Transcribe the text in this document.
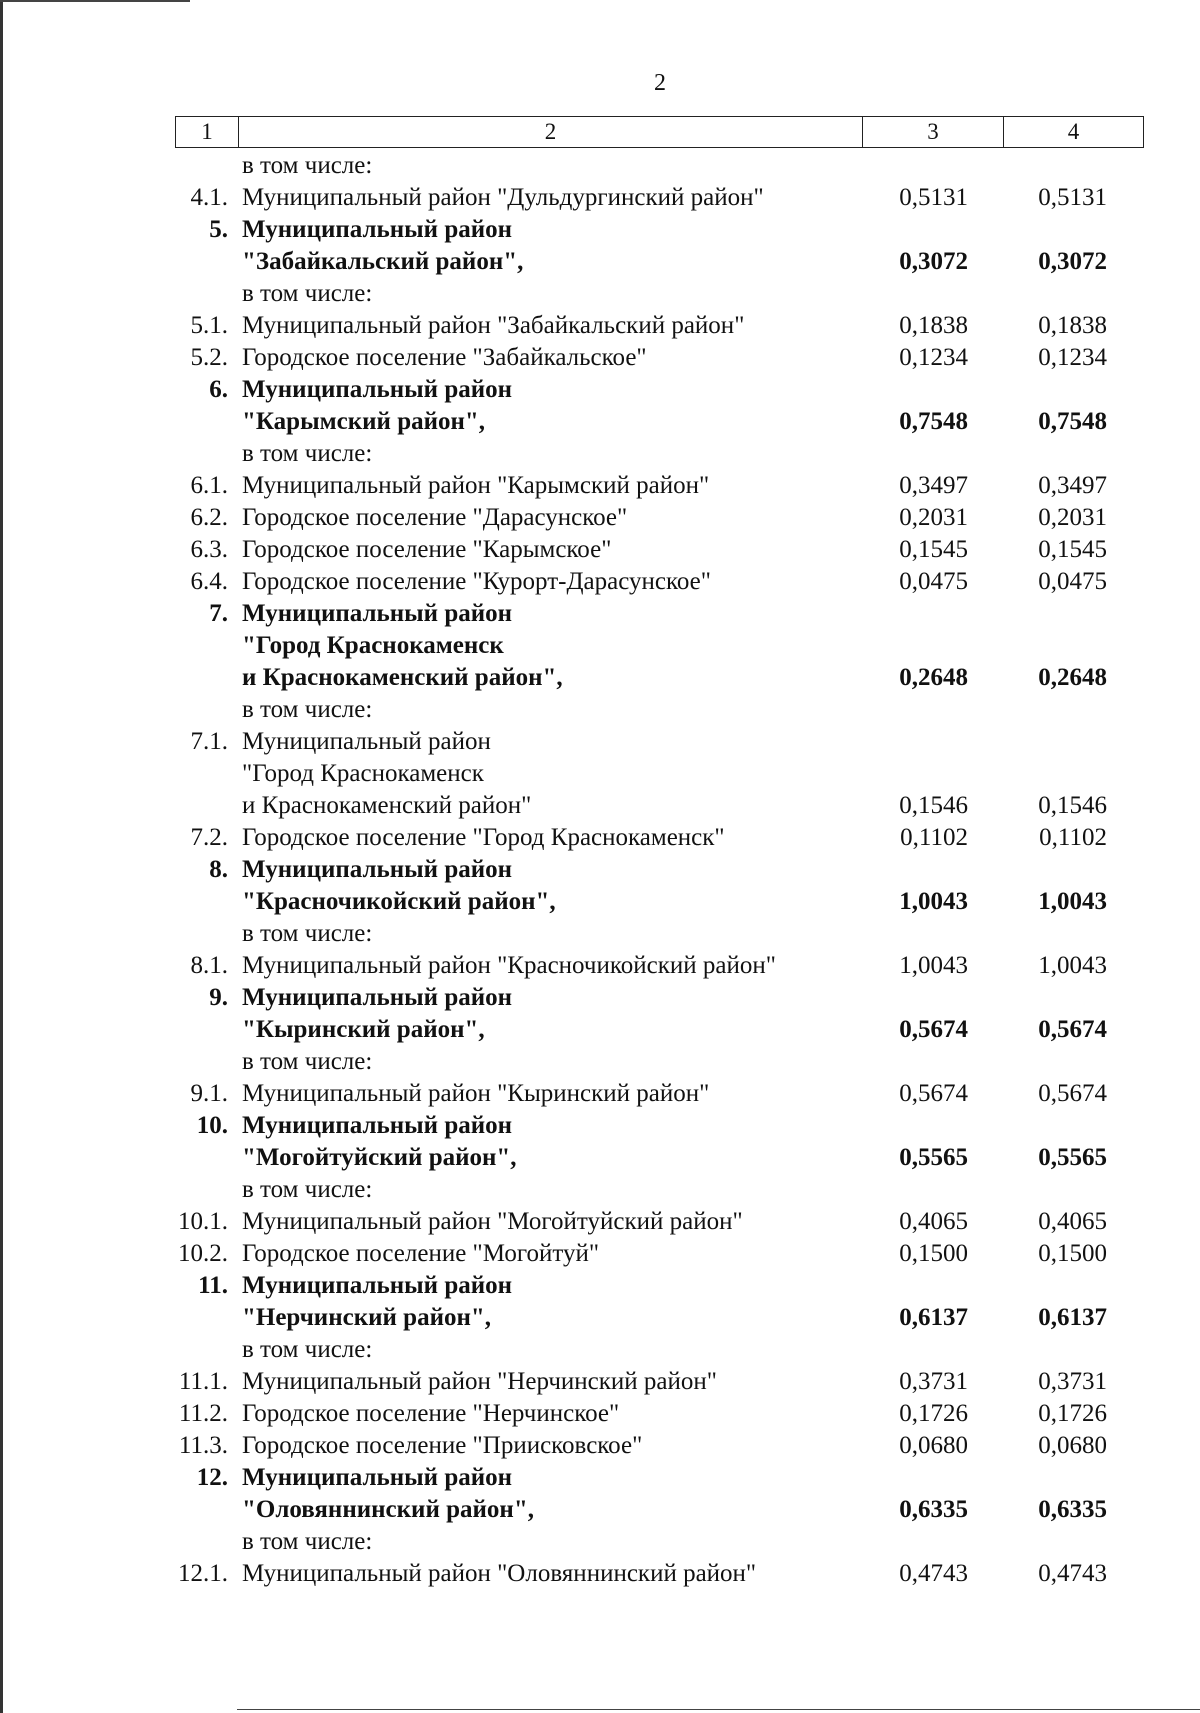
2
1	2	3	4
в том числе:
4.1. Муниципальный район "Дульдургинский район"	0,5131	0,5131
5. Муниципальный район
"Забайкальский район",	0,3072	0,3072
в том числе:
5.1. Муниципальный район "Забайкальский район"	0,1838	0,1838
5.2. Городское поселение "Забайкальское"	0,1234	0,1234
6. Муниципальный район
"Карымский район",	0,7548	0,7548
в том числе:
6.1. Муниципальный район "Карымский район"	0,3497	0,3497
6.2. Городское поселение "Дарасунское"	0,2031	0,2031
6.3. Городское поселение "Карымское"	0,1545	0,1545
6.4. Городское поселение "Курорт-Дарасунское"	0,0475	0,0475
7. Муниципальный район
"Город Краснокаменск
и Краснокаменский район",	0,2648	0,2648
в том числе:
7.1. Муниципальный район
"Город Краснокаменск
и Краснокаменский район"	0,1546	0,1546
7.2. Городское поселение "Город Краснокаменск"	0,1102	0,1102
8. Муниципальный район
"Красночикойский район",	1,0043	1,0043
в том числе:
8.1. Муниципальный район "Красночикойский район"	1,0043	1,0043
9. Муниципальный район
"Кыринский район",	0,5674	0,5674
в том числе:
9.1. Муниципальный район "Кыринский район"	0,5674	0,5674
10. Муниципальный район
"Могойтуйский район",	0,5565	0,5565
в том числе:
10.1. Муниципальный район "Могойтуйский район"	0,4065	0,4065
10.2. Городское поселение "Могойтуй"	0,1500	0,1500
11. Муниципальный район
"Нерчинский район",	0,6137	0,6137
в том числе:
11.1. Муниципальный район "Нерчинский район"	0,3731	0,3731
11.2. Городское поселение "Нерчинское"	0,1726	0,1726
11.3. Городское поселение "Приисковское"	0,0680	0,0680
12. Муниципальный район
"Оловяннинский район",	0,6335	0,6335
в том числе:
12.1. Муниципальный район "Оловяннинский район"	0,4743	0,4743
